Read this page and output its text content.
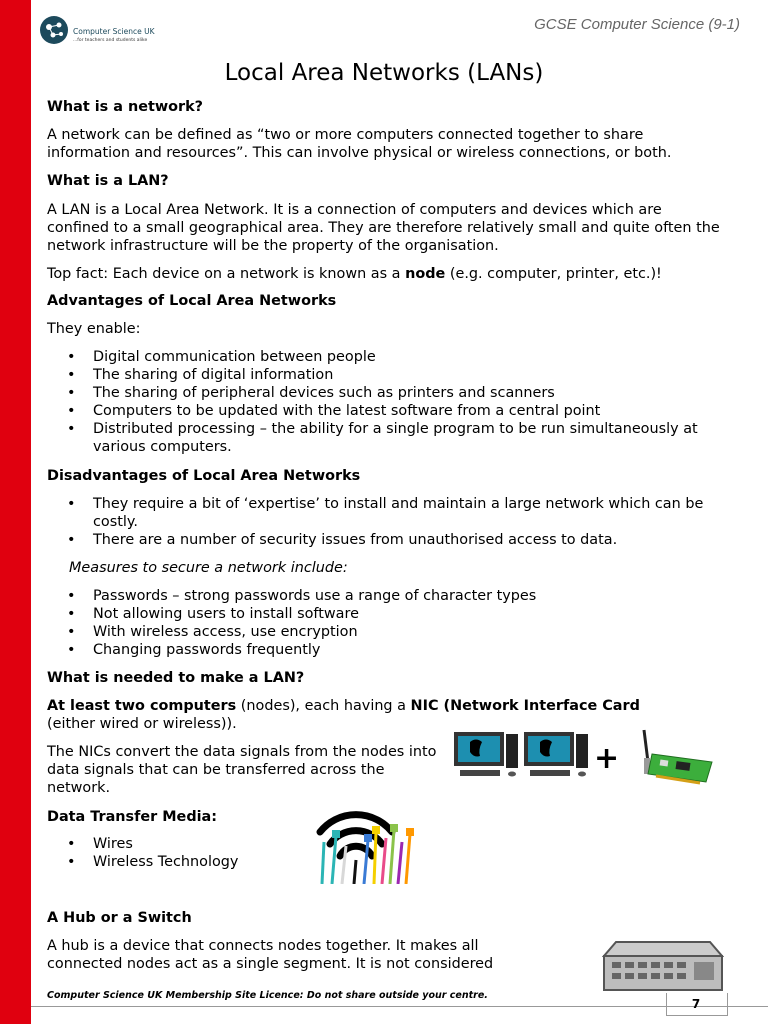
Computer Science UK
...for teachers and students alike
GCSE Computer Science (9-1)
Local Area Networks (LANs)

What is a network?

A network can be defined as “two or more computers connected together to share information and resources”. This can involve physical or wireless connections, or both.

What is a LAN?

A LAN is a Local Area Network. It is a connection of computers and devices which are confined to a small geographical area. They are therefore relatively small and quite often the network infrastructure will be the property of the organisation.

Top fact: Each device on a network is known as a node (e.g. computer, printer, etc.)!

Advantages of Local Area Networks

They enable:

• Digital communication between people
• The sharing of digital information
• The sharing of peripheral devices such as printers and scanners
• Computers to be updated with the latest software from a central point
• Distributed processing – the ability for a single program to be run simultaneously at various computers.

Disadvantages of Local Area Networks

• They require a bit of ‘expertise’ to install and maintain a large network which can be costly.
• There are a number of security issues from unauthorised access to data.

Measures to secure a network include:

• Passwords – strong passwords use a range of character types
• Not allowing users to install software
• With wireless access, use encryption
• Changing passwords frequently

What is needed to make a LAN?

At least two computers (nodes), each having a NIC (Network Interface Card
(either wired or wireless)).

The NICs convert the data signals from the nodes into data signals that can be transferred across the network.

+

Data Transfer Media:

• Wires
• Wireless Technology

A Hub or a Switch

A hub is a device that connects nodes together. It makes all connected nodes act as a single segment. It is not considered

Computer Science UK Membership Site Licence: Do not share outside your centre.
7
